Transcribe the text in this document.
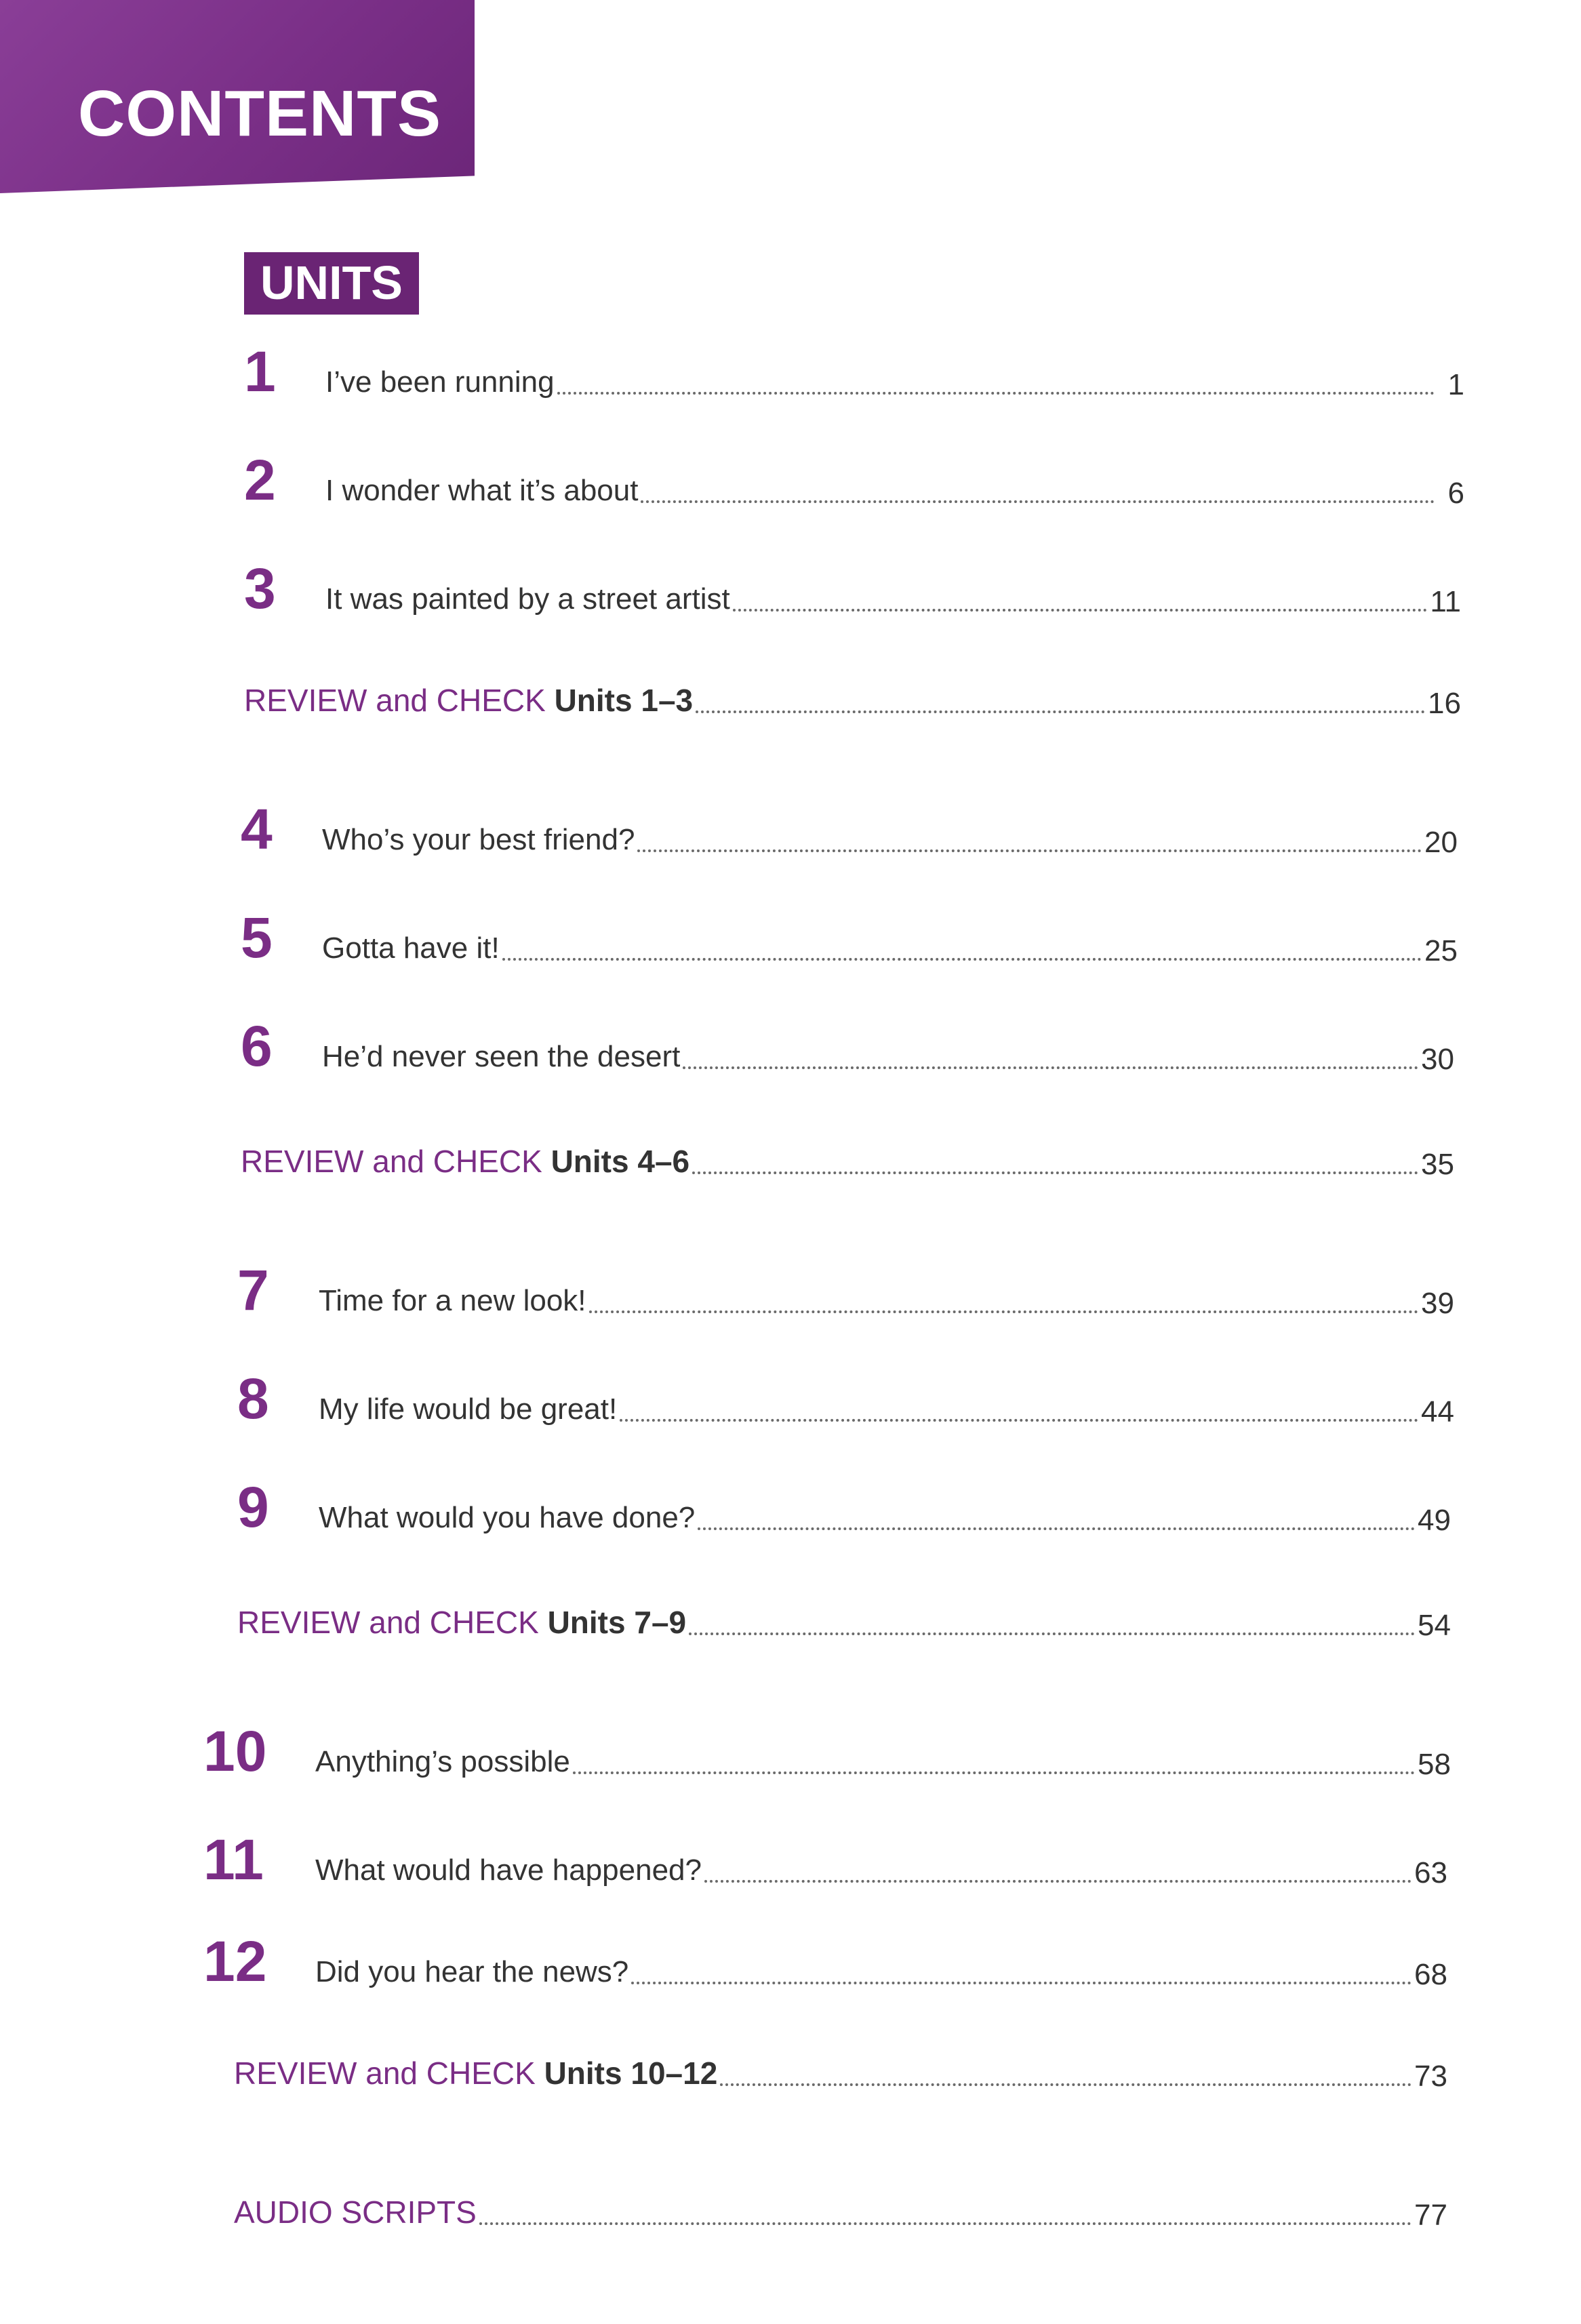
CONTENTS
UNITS
1	I’ve been running	1
2	I wonder what it’s about	6
3	It was painted by a street artist	11
REVIEW and CHECK Units 1–3	16
4	Who’s your best friend?	20
5	Gotta have it!	25
6	He’d never seen the desert	30
REVIEW and CHECK Units 4–6	35
7	Time for a new look!	39
8	My life would be great!	44
9	What would you have done?	49
REVIEW and CHECK Units 7–9	54
10	Anything’s possible	58
11	What would have happened?	63
12	Did you hear the news?	68
REVIEW and CHECK Units 10–12	73
AUDIO SCRIPTS	77
